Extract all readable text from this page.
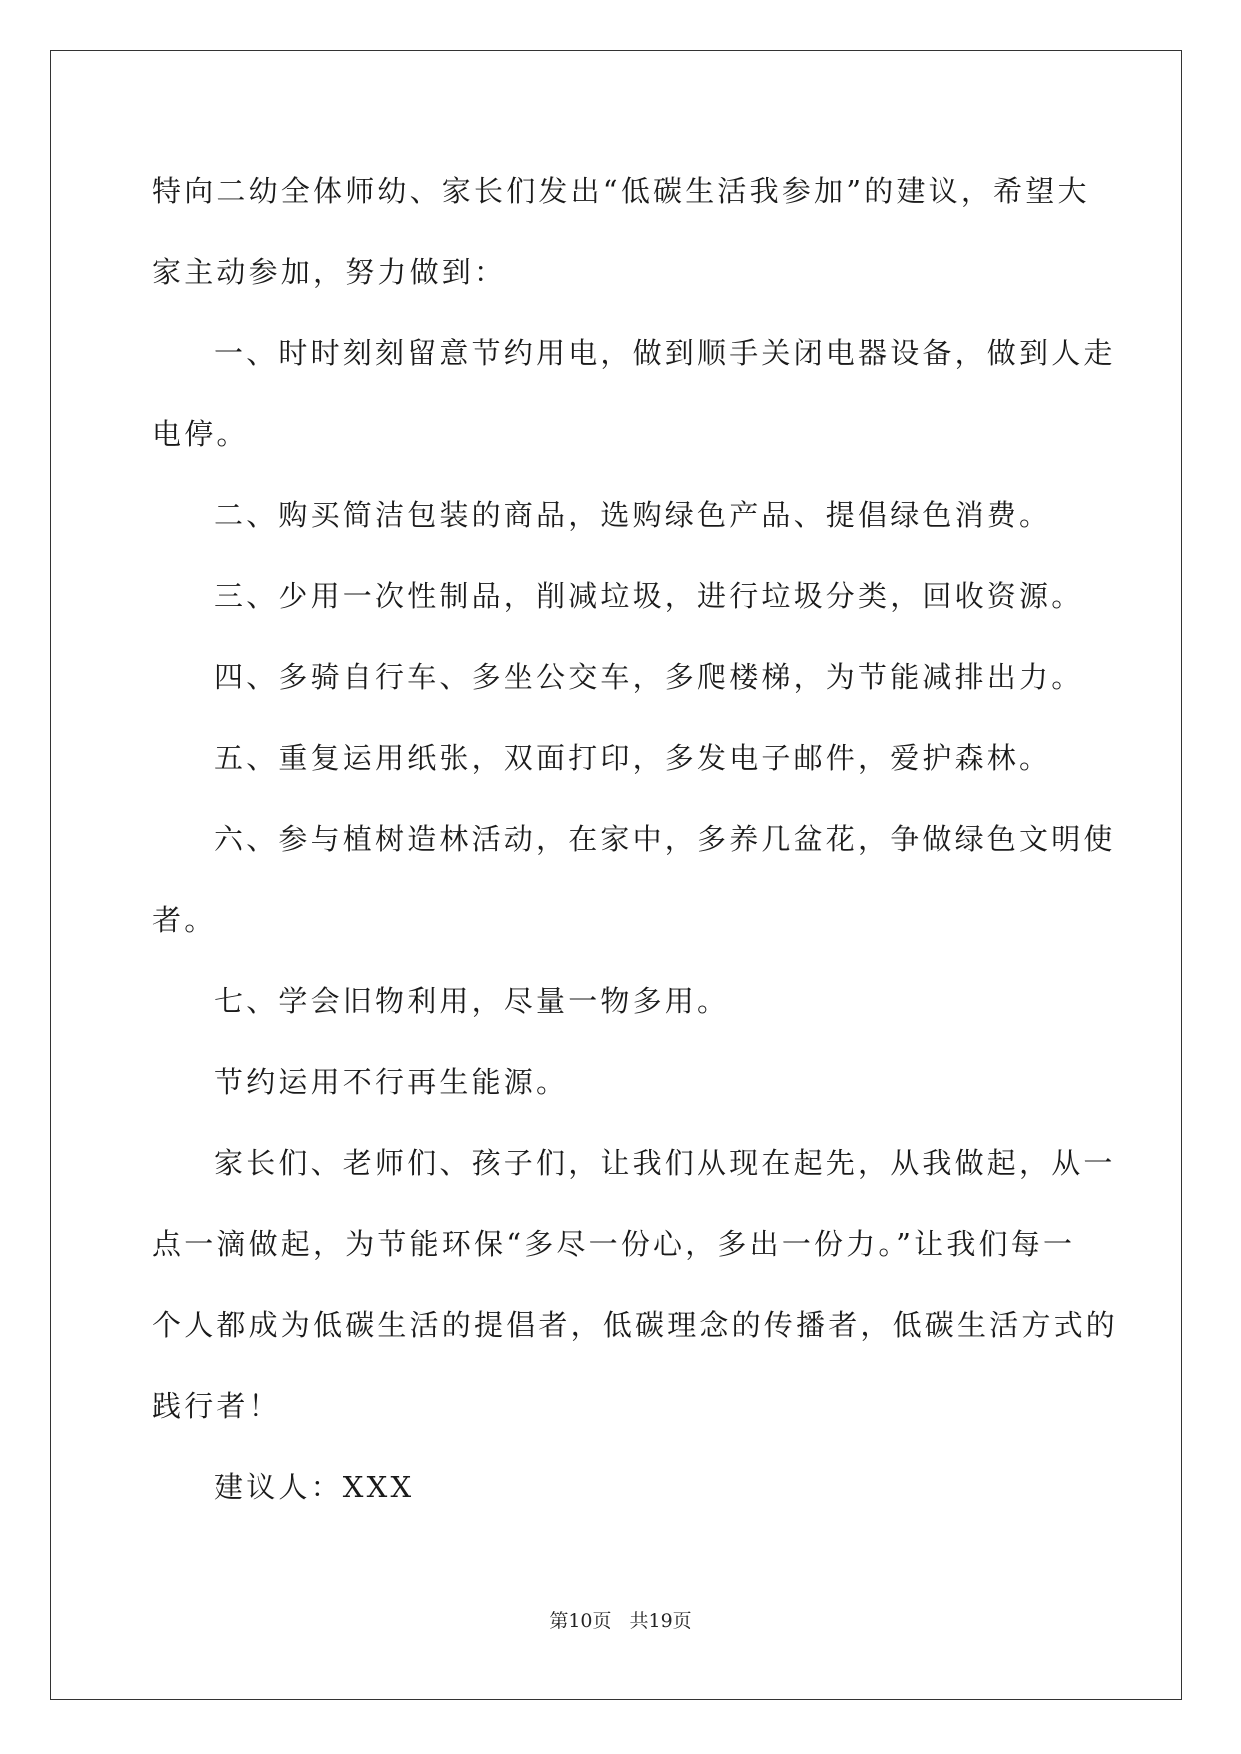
特向二幼全体师幼、家长们发出“低碳生活我参加”的建议，希望大
家主动参加，努力做到：
一、时时刻刻留意节约用电，做到顺手关闭电器设备，做到人走
电停。
二、购买简洁包装的商品，选购绿色产品、提倡绿色消费。
三、少用一次性制品，削减垃圾，进行垃圾分类，回收资源。
四、多骑自行车、多坐公交车，多爬楼梯，为节能减排出力。
五、重复运用纸张，双面打印，多发电子邮件，爱护森林。
六、参与植树造林活动，在家中，多养几盆花，争做绿色文明使
者。
七、学会旧物利用，尽量一物多用。
节约运用不行再生能源。
家长们、老师们、孩子们，让我们从现在起先，从我做起，从一
点一滴做起，为节能环保“多尽一份心，多出一份力。”让我们每一
个人都成为低碳生活的提倡者，低碳理念的传播者，低碳生活方式的
践行者！
建议人：XXX
第10页 共19页
